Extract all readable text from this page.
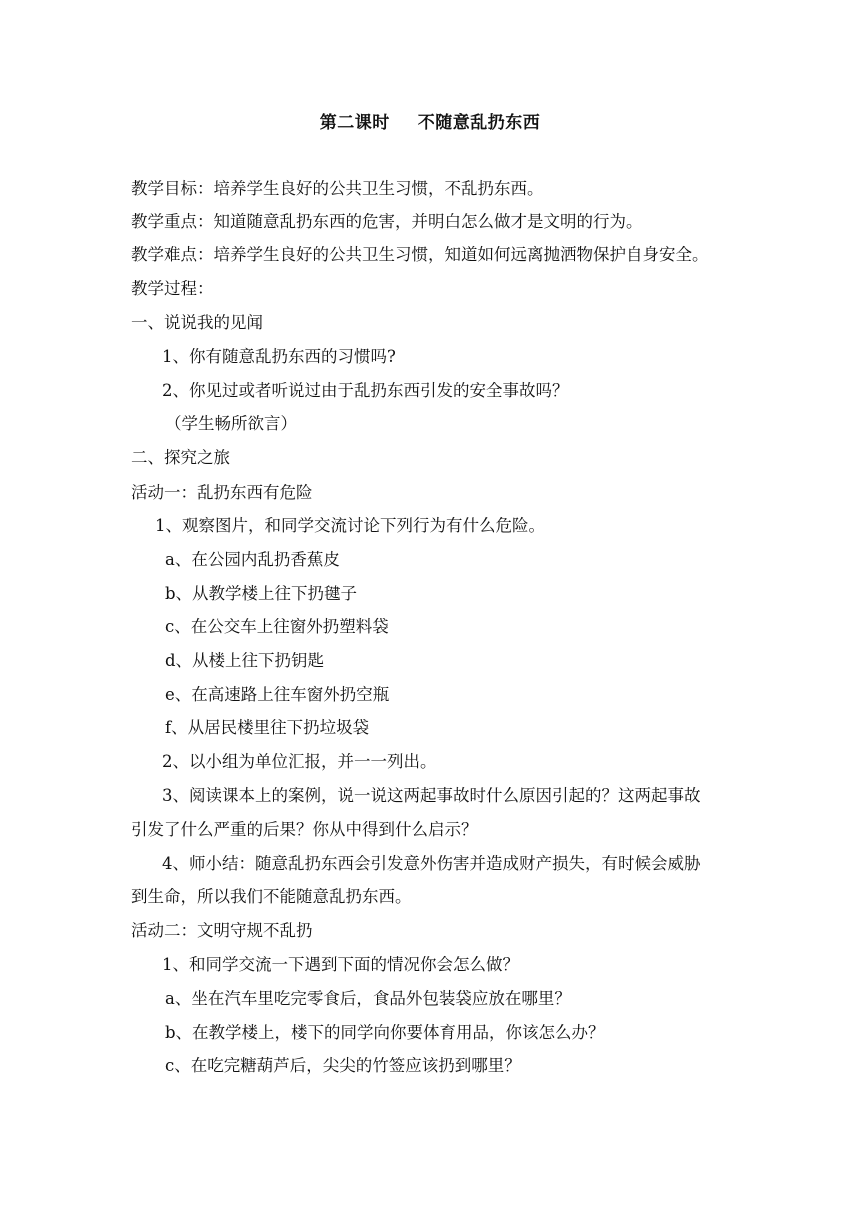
第二课时 不随意乱扔东西
教学目标：培养学生良好的公共卫生习惯，不乱扔东西。
教学重点：知道随意乱扔东西的危害，并明白怎么做才是文明的行为。
教学难点：培养学生良好的公共卫生习惯，知道如何远离抛洒物保护自身安全。
教学过程：
一、说说我的见闻
1、你有随意乱扔东西的习惯吗?
2、你见过或者听说过由于乱扔东西引发的安全事故吗？
（学生畅所欲言）
二、探究之旅
活动一：乱扔东西有危险
1、观察图片，和同学交流讨论下列行为有什么危险。
a、在公园内乱扔香蕉皮
b、从教学楼上往下扔毽子
c、在公交车上往窗外扔塑料袋
d、从楼上往下扔钥匙
e、在高速路上往车窗外扔空瓶
f、从居民楼里往下扔垃圾袋
2、以小组为单位汇报，并一一列出。
3、阅读课本上的案例，说一说这两起事故时什么原因引起的？这两起事故
引发了什么严重的后果？你从中得到什么启示？
4、师小结：随意乱扔东西会引发意外伤害并造成财产损失，有时候会威胁
到生命，所以我们不能随意乱扔东西。
活动二：文明守规不乱扔
1、和同学交流一下遇到下面的情况你会怎么做？
a、坐在汽车里吃完零食后，食品外包装袋应放在哪里？
b、在教学楼上，楼下的同学向你要体育用品，你该怎么办？
c、在吃完糖葫芦后，尖尖的竹签应该扔到哪里？
